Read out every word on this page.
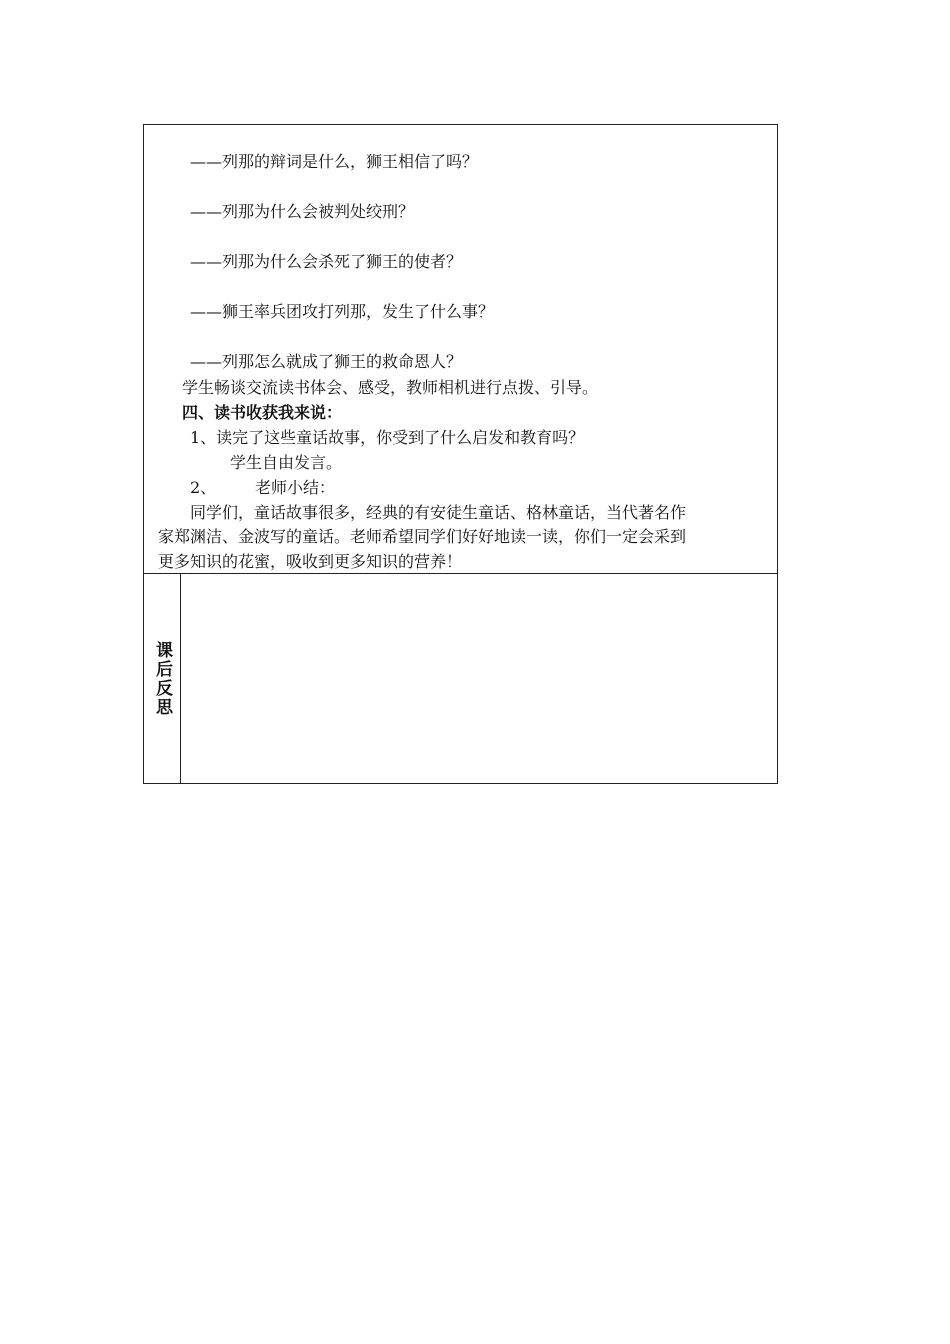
——列那的辩词是什么，狮王相信了吗？
——列那为什么会被判处绞刑？
——列那为什么会杀死了狮王的使者？
——狮王率兵团攻打列那，发生了什么事？
——列那怎么就成了狮王的救命恩人？
学生畅谈交流读书体会、感受，教师相机进行点拨、引导。
四、读书收获我来说：
1、读完了这些童话故事，你受到了什么启发和教育吗？
学生自由发言。
2、 老师小结：
同学们，童话故事很多，经典的有安徒生童话、格林童话，当代著名作
家郑渊洁、金波写的童话。老师希望同学们好好地读一读，你们一定会采到
更多知识的花蜜，吸收到更多知识的营养！
课后反思
